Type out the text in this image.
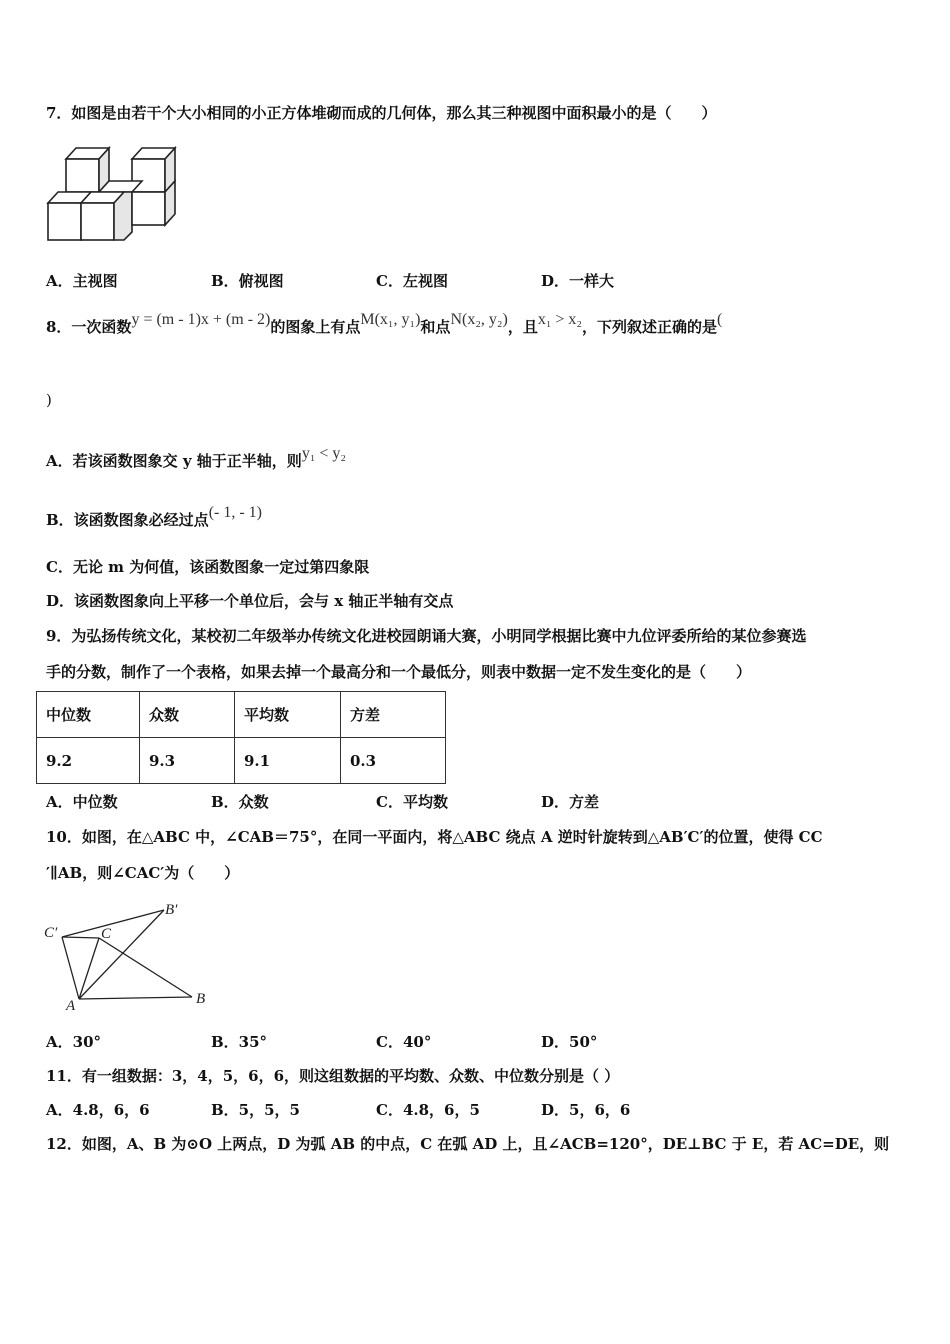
7．如图是由若干个大小相同的小正方体堆砌而成的几何体，那么其三种视图中面积最小的是（　　）
A．主视图	B．俯视图	C．左视图	D．一样大
8．一次函数y = (m - 1)x + (m - 2)的图象上有点M(x₁, y₁)和点N(x₂, y₂)，且x₁ > x₂，下列叙述正确的是(
)
A．若该函数图象交 y 轴于正半轴，则y₁ < y₂
B．该函数图象必经过点(- 1, - 1)
C．无论 m 为何值，该函数图象一定过第四象限
D．该函数图象向上平移一个单位后，会与 x 轴正半轴有交点
9．为弘扬传统文化，某校初二年级举办传统文化进校园朗诵大赛，小明同学根据比赛中九位评委所给的某位参赛选
手的分数，制作了一个表格，如果去掉一个最高分和一个最低分，则表中数据一定不发生变化的是（　　）
中位数	众数	平均数	方差
9.2	9.3	9.1	0.3
A．中位数	B．众数	C．平均数	D．方差
10．如图，在△ABC 中，∠CAB＝75°，在同一平面内，将△ABC 绕点 A 逆时针旋转到△AB′C′的位置，使得 CC
′∥AB，则∠CAC′为（　　）
C′	C
B′
A	B
A．30°	B．35°	C．40°	D．50°
11．有一组数据：3，4，5，6，6，则这组数据的平均数、众数、中位数分别是（ ）
A．4.8，6，6	B．5，5，5	C．4.8，6，5	D．5，6，6
12．如图，A、B 为⊙O 上两点，D 为弧 AB 的中点，C 在弧 AD 上，且∠ACB=120°，DE⊥BC 于 E，若 AC=DE，则
